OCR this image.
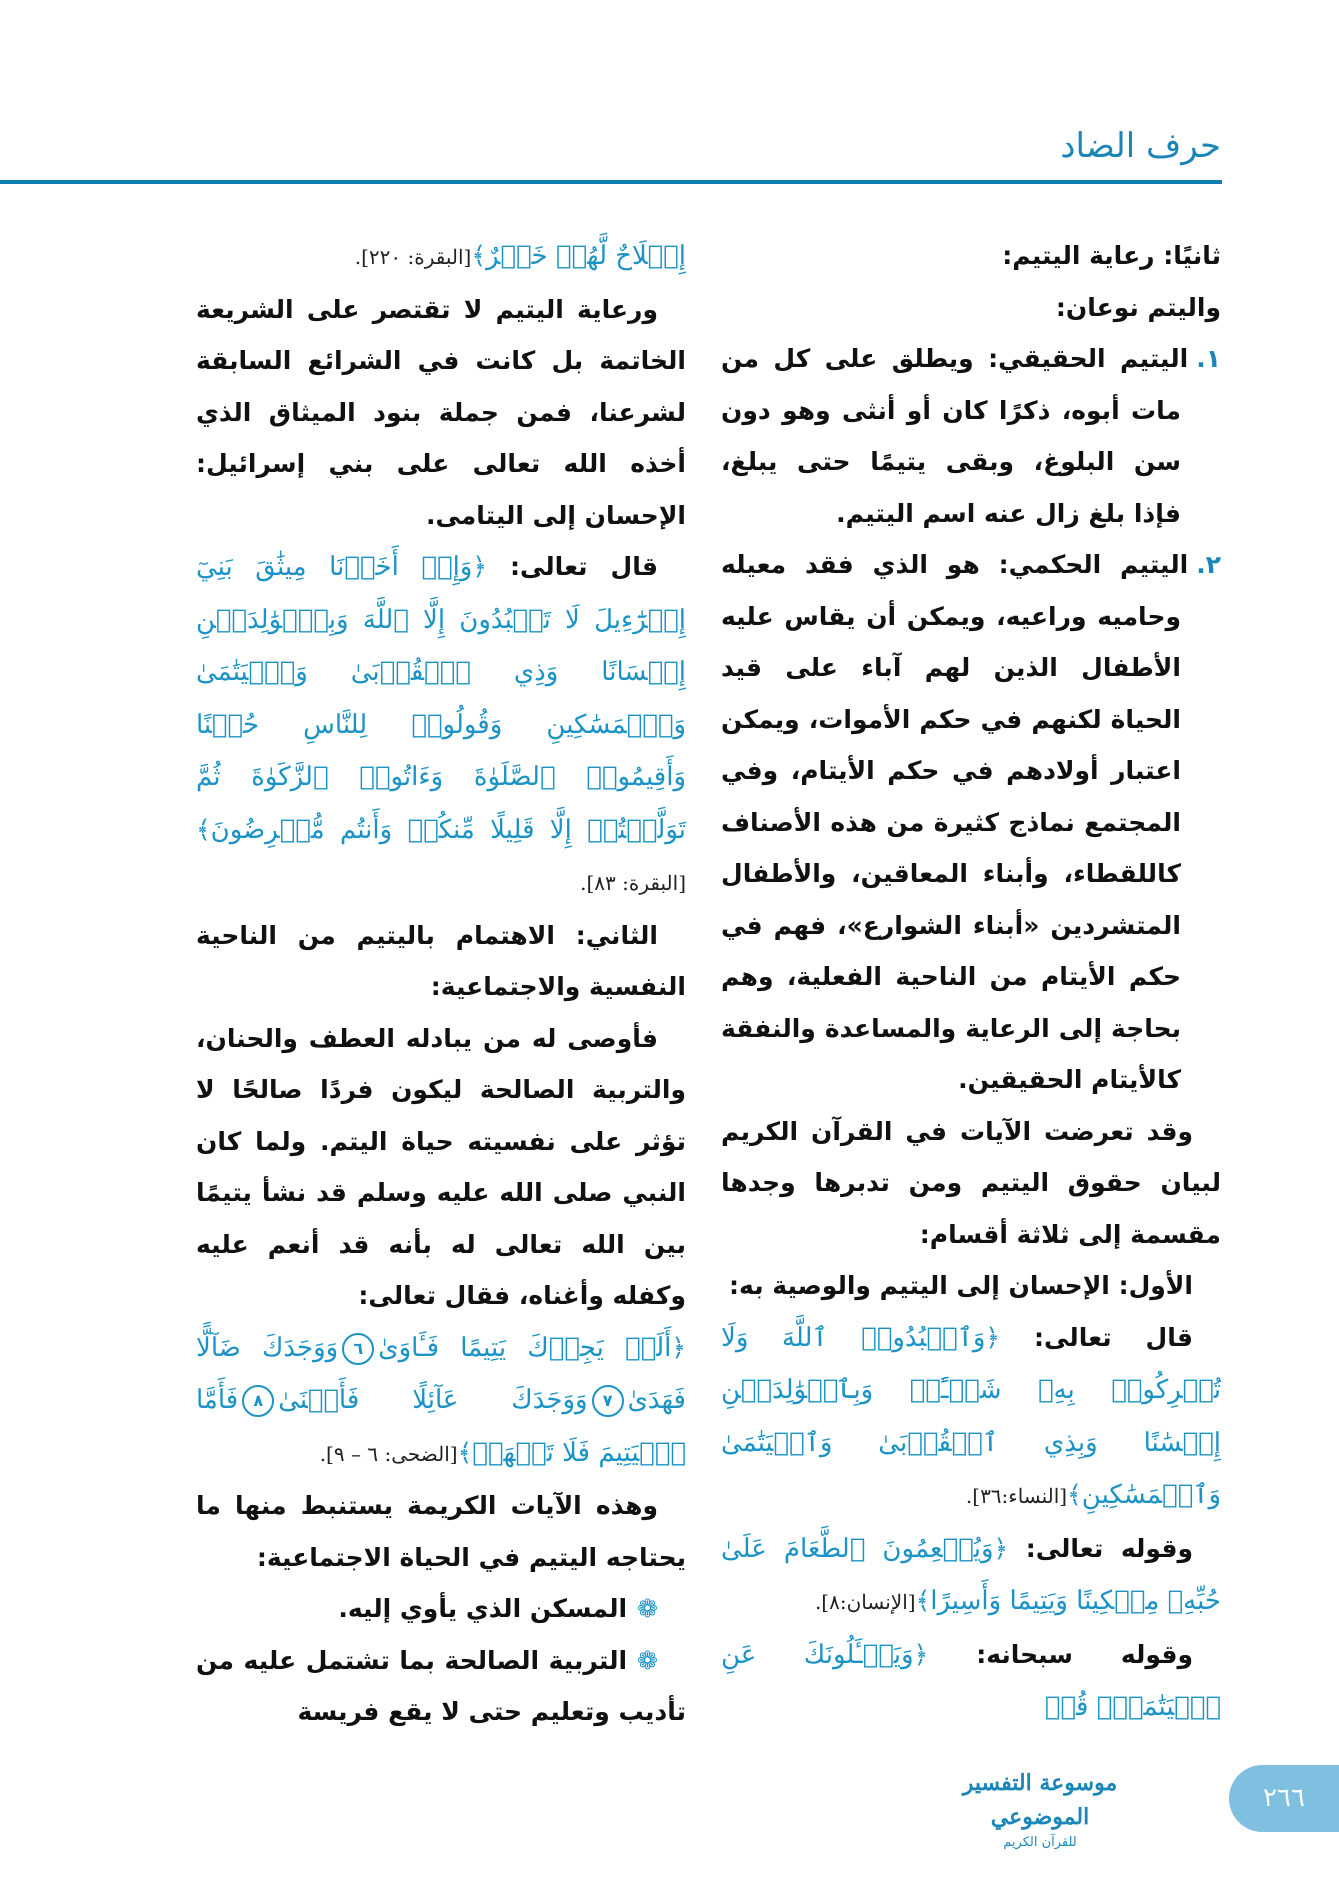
حرف الضاد

ثانيًا: رعاية اليتيم:

واليتم نوعان:

١.اليتيم الحقيقي: ويطلق على كل من مات أبوه، ذكرًا كان أو أنثى وهو دون سن البلوغ، وبقى يتيمًا حتى يبلغ، فإذا بلغ زال عنه اسم اليتيم.

٢.اليتيم الحكمي: هو الذي فقد معيله وحاميه وراعيه، ويمكن أن يقاس عليه الأطفال الذين لهم آباء على قيد الحياة لكنهم في حكم الأموات، ويمكن اعتبار أولادهم في حكم الأيتام، وفي المجتمع نماذج كثيرة من هذه الأصناف كاللقطاء، وأبناء المعاقين، والأطفال المتشردين «أبناء الشوارع»، فهم في حكم الأيتام من الناحية الفعلية، وهم بحاجة إلى الرعاية والمساعدة والنفقة كالأيتام الحقيقين.

وقد تعرضت الآيات في القرآن الكريم لبيان حقوق اليتيم ومن تدبرها وجدها مقسمة إلى ثلاثة أقسام:

الأول: الإحسان إلى اليتيم والوصية به:

قال تعالى: ﴿وَٱعۡبُدُوا۟ ٱللَّهَ وَلَا تُشۡرِكُوا۟ بِهِۦ شَيۡـًٔاۖ وَبِٱلۡوَٰلِدَيۡنِ إِحۡسَٰنًا وَبِذِي ٱلۡقُرۡبَىٰ وَٱلۡيَتَٰمَىٰ وَٱلۡمَسَٰكِينِ﴾[النساء:٣٦].

وقوله تعالى: ﴿وَيُطۡعِمُونَ ٱلطَّعَامَ عَلَىٰ حُبِّهِۦ مِسۡكِينًا وَيَتِيمًا وَأَسِيرًا﴾[الإنسان:٨].

وقوله سبحانه: ﴿وَيَسۡـَٔلُونَكَ عَنِ ٱلۡيَتَٰمَىٰۖ قُلۡ

إِصۡلَاحٌ لَّهُمۡ خَيۡرٌ﴾[البقرة: ٢٢٠].

ورعاية اليتيم لا تقتصر على الشريعة الخاتمة بل كانت في الشرائع السابقة لشرعنا، فمن جملة بنود الميثاق الذي أخذه الله تعالى على بني إسرائيل: الإحسان إلى اليتامى.

قال تعالى: ﴿وَإِذۡ أَخَذۡنَا مِيثَٰقَ بَنِيٓ إِسۡرَٰٓءِيلَ لَا تَعۡبُدُونَ إِلَّا ٱللَّهَ وَبِٱلۡوَٰلِدَيۡنِ إِحۡسَانًا وَذِي ٱلۡقُرۡبَىٰ وَٱلۡيَتَٰمَىٰ وَٱلۡمَسَٰكِينِ وَقُولُوا۟ لِلنَّاسِ حُسۡنًا وَأَقِيمُوا۟ ٱلصَّلَوٰةَ وَءَاتُوا۟ ٱلزَّكَوٰةَ ثُمَّ تَوَلَّيۡتُمۡ إِلَّا قَلِيلًا مِّنكُمۡ وَأَنتُم مُّعۡرِضُونَ﴾[البقرة: ٨٣].

الثاني: الاهتمام باليتيم من الناحية النفسية والاجتماعية:

فأوصى له من يبادله العطف والحنان، والتربية الصالحة ليكون فردًا صالحًا لا تؤثر على نفسيته حياة اليتم. ولما كان النبي صلى الله عليه وسلم قد نشأ يتيمًا بين الله تعالى له بأنه قد أنعم عليه وكفله وأغناه، فقال تعالى:

﴿أَلَمۡ يَجِدۡكَ يَتِيمًا فَـَٔاوَىٰ٦وَوَجَدَكَ ضَآلًّا فَهَدَىٰ٧وَوَجَدَكَ عَآئِلًا فَأَغۡنَىٰ٨فَأَمَّا ٱلۡيَتِيمَ فَلَا تَقۡهَرۡ﴾[الضحى: ٦ – ٩].

وهذه الآيات الكريمة يستنبط منها ما يحتاجه اليتيم في الحياة الاجتماعية:

❁المسكن الذي يأوي إليه.

❁التربية الصالحة بما تشتمل عليه من تأديب وتعليم حتى لا يقع فريسة

موسوعة التفسير الموضوعي
للقرآن الكريم
٢٦٦
